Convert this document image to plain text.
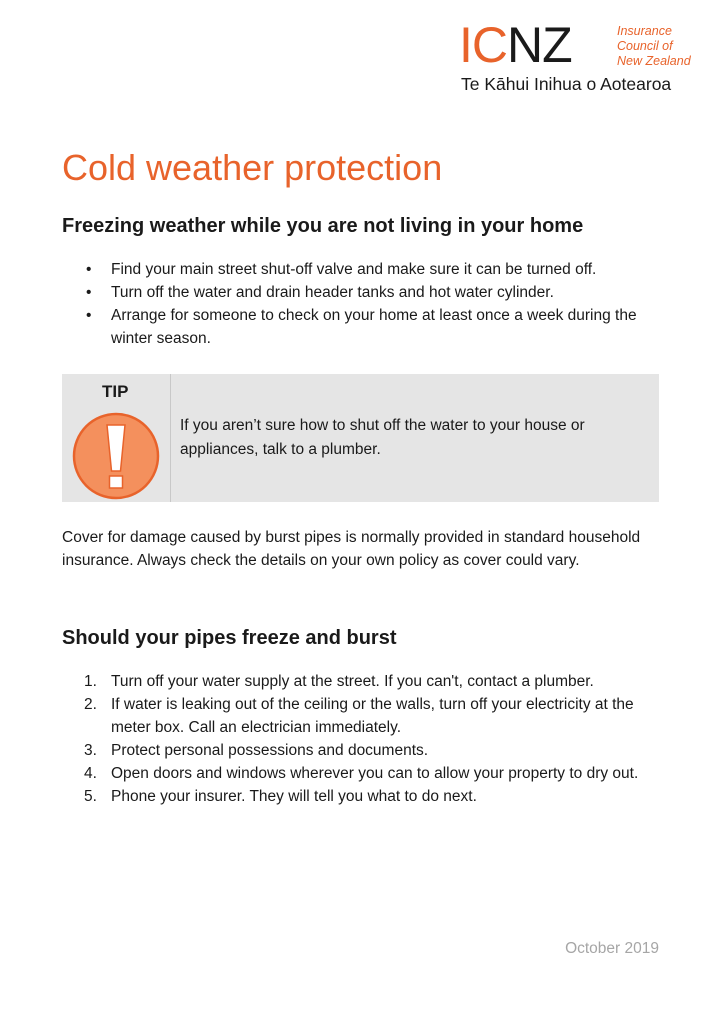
ICNZ	Insurance
Council of
New Zealand
Te Kāhui Inihua o Aotearoa
Cold weather protection
Freezing weather while you are not living in your home
•	Find your main street shut-off valve and make sure it can be turned off.
•	Turn off the water and drain header tanks and hot water cylinder.
•	Arrange for someone to check on your home at least once a week during the winter season.
TIP
If you aren’t sure how to shut off the water to your house or appliances, talk to a plumber.

Cover for damage caused by burst pipes is normally provided in standard household insurance. Always check the details on your own policy as cover could vary.

Should your pipes freeze and burst
1. Turn off your water supply at the street. If you can't, contact a plumber.
2. If water is leaking out of the ceiling or the walls, turn off your electricity at the meter box. Call an electrician immediately.
3. Protect personal possessions and documents.
4. Open doors and windows wherever you can to allow your property to dry out.
5. Phone your insurer. They will tell you what to do next.
October 2019
